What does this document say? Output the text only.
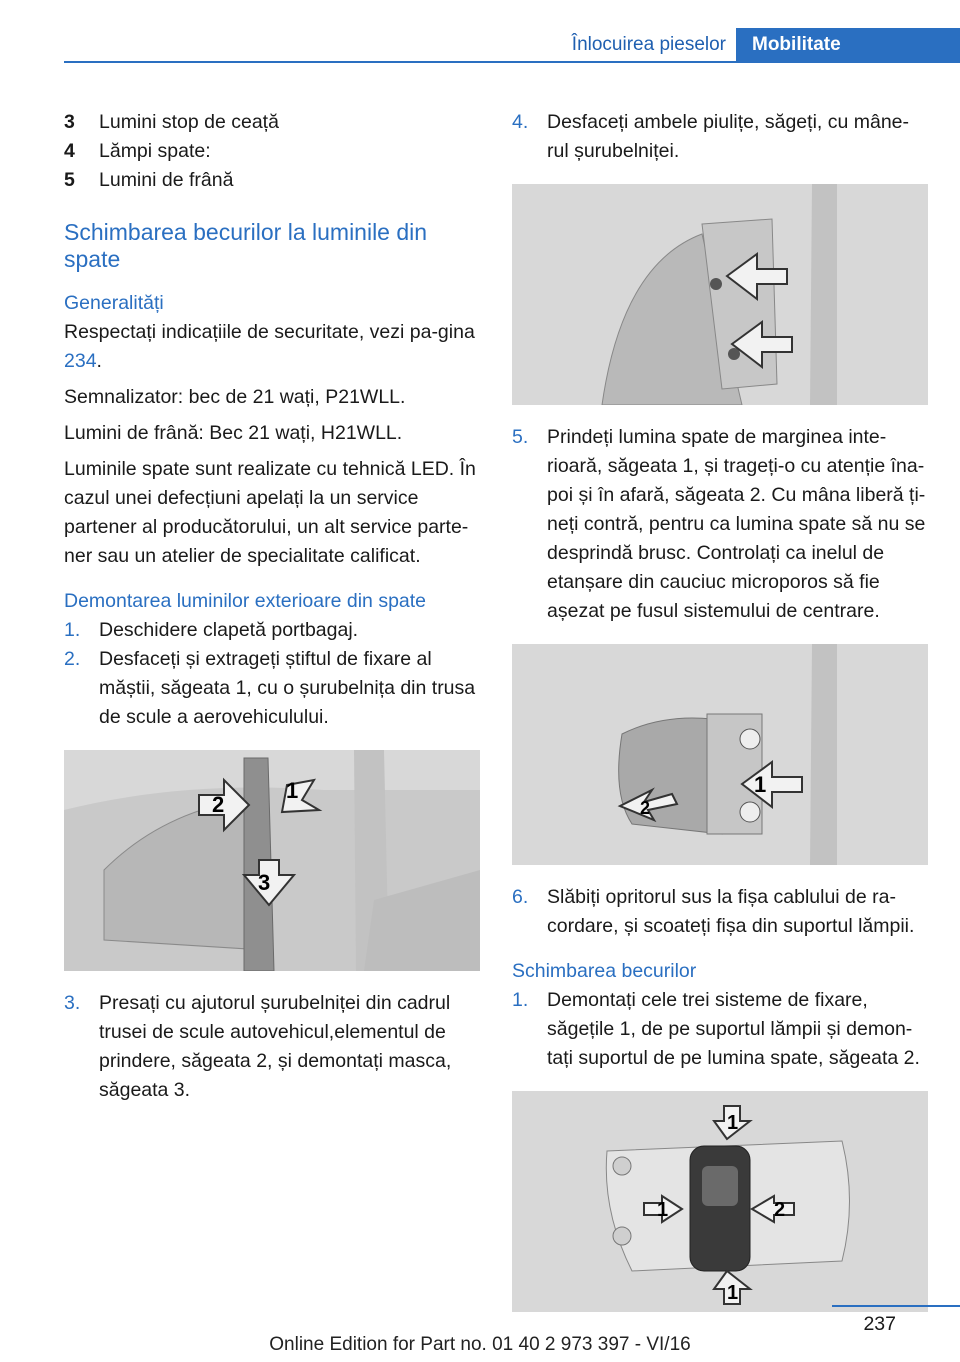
Înlocuirea pieselor	Mobilitate
3	Lumini stop de ceață
4	Lămpi spate:
5	Lumini de frână
Schimbarea becurilor la luminile din spate
Generalități

Respectați indicațiile de securitate, vezi pa-gina 234.

Semnalizator: bec de 21 wați, P21WLL.

Lumini de frână: Bec 21 wați, H21WLL.

Luminile spate sunt realizate cu tehnică LED. În cazul unei defecțiuni apelați la un service partener al producătorului, un alt service parte-ner sau un atelier de specialitate calificat.

Demontarea luminilor exterioare din spate
1. Deschidere clapetă portbagaj.
2. Desfaceți și extrageți știftul de fixare al măștii, săgeata 1, cu o șurubelnița din trusa de scule a aerovehiculului.
2
1
3
3. Presați cu ajutorul șurubelniței din cadrul trusei de scule autovehicul,elementul de prindere, săgeata 2, și demontați masca, săgeata 3.
4. Desfaceți ambele piulițe, săgeți, cu mâne-rul șurubelniței.
5. Prindeți lumina spate de marginea inte-rioară, săgeata 1, și trageți-o cu atenție îna-poi și în afară, săgeata 2. Cu mâna liberă ți-neți contră, pentru ca lumina spate să nu se desprindă brusc. Controlați ca inelul de etanșare din cauciuc microporos să fie așezat pe fusul sistemului de centrare.
1
2
6. Slăbiți opritorul sus la fișa cablului de ra-cordare, și scoateți fișa din suportul lămpii.
Schimbarea becurilor
1. Demontați cele trei sisteme de fixare, săgețile 1, de pe suportul lămpii și demon-tați suportul de pe lumina spate, săgeata 2.
1
1
1
2
237
Online Edition for Part no. 01 40 2 973 397 - VI/16
